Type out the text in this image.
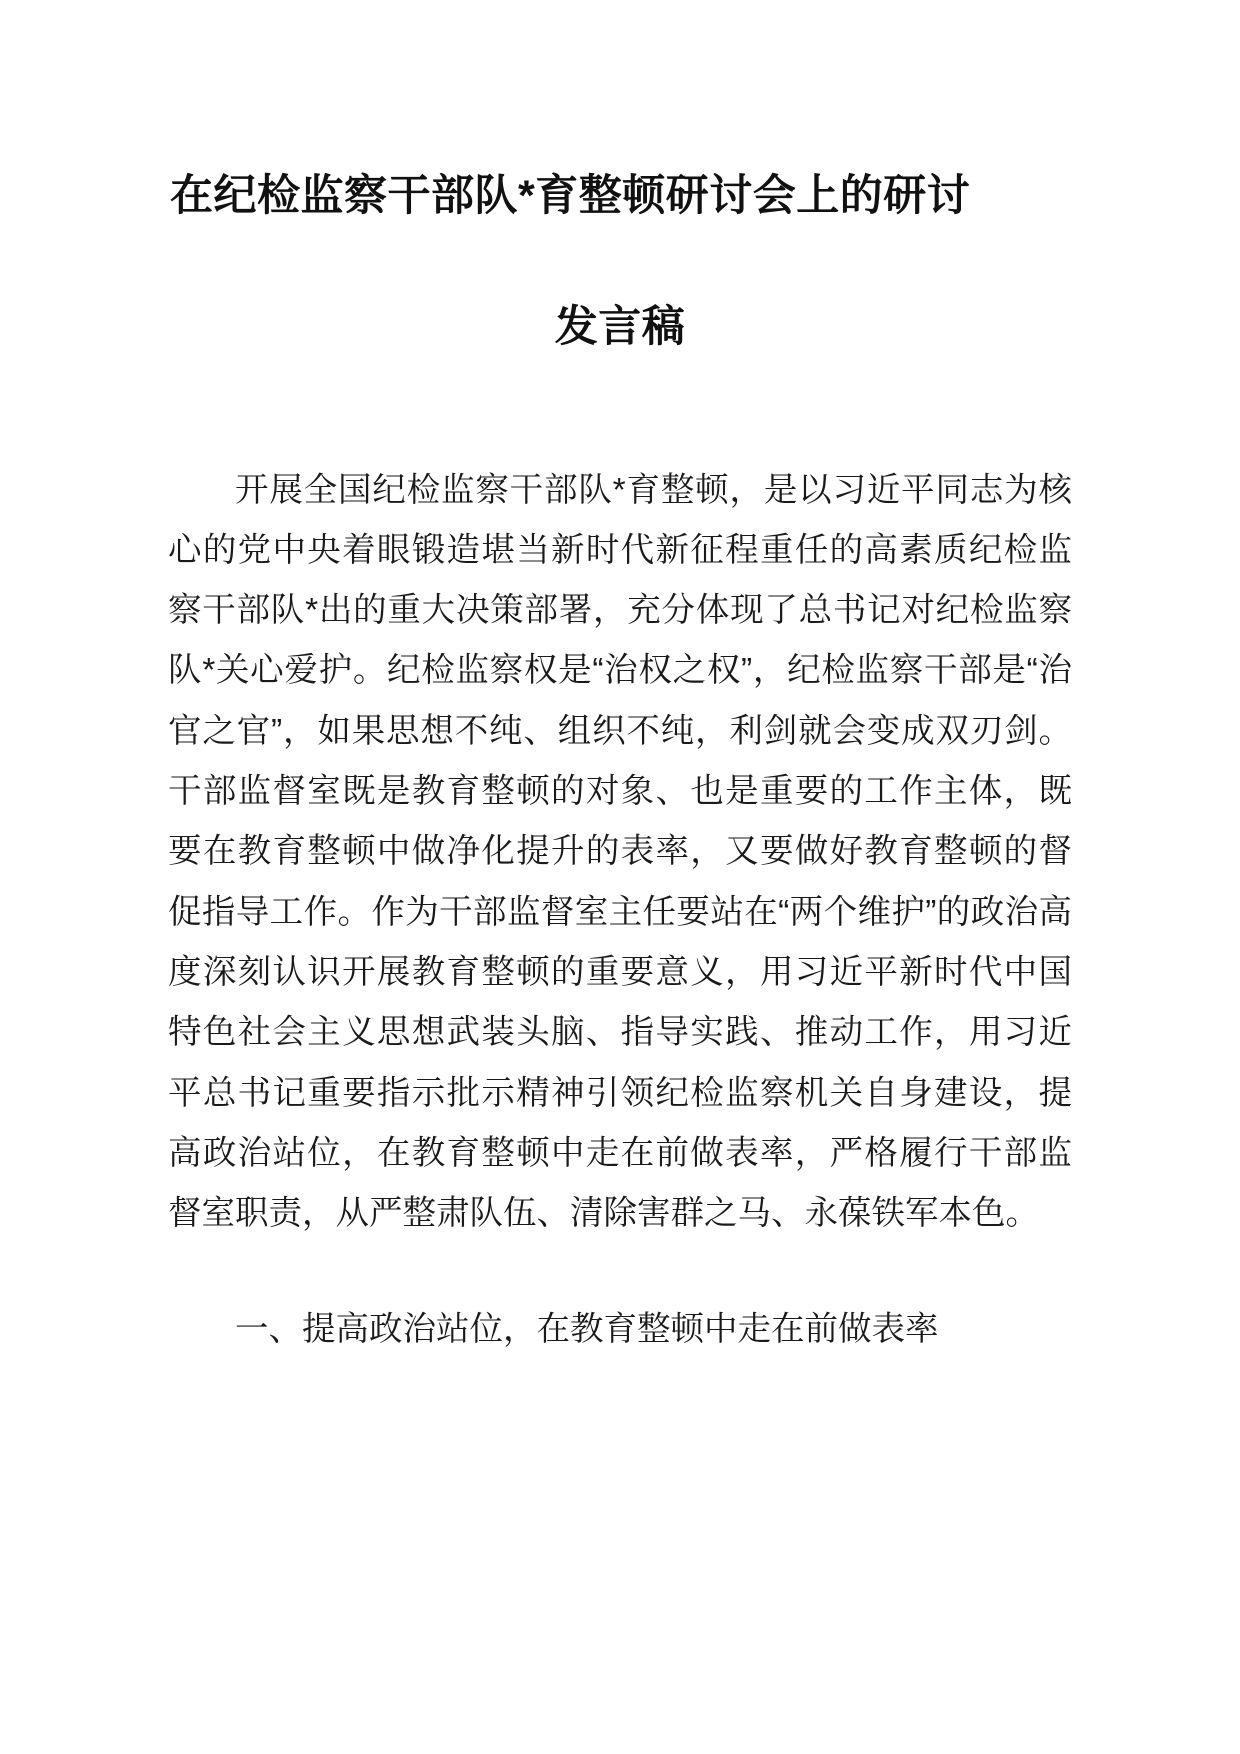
在纪检监察干部队*育整顿研讨会上的研讨
发言稿

开展全国纪检监察干部队*育整顿，是以习近平同志为核心的党中央着眼锻造堪当新时代新征程重任的高素质纪检监察干部队*出的重大决策部署，充分体现了总书记对纪检监察队*关心爱护。纪检监察权是“治权之权”，纪检监察干部是“治官之官”，如果思想不纯、组织不纯，利剑就会变成双刃剑。干部监督室既是教育整顿的对象、也是重要的工作主体，既要在教育整顿中做净化提升的表率，又要做好教育整顿的督促指导工作。作为干部监督室主任要站在“两个维护”的政治高度深刻认识开展教育整顿的重要意义，用习近平新时代中国特色社会主义思想武装头脑、指导实践、推动工作，用习近平总书记重要指示批示精神引领纪检监察机关自身建设，提高政治站位，在教育整顿中走在前做表率，严格履行干部监督室职责，从严整肃队伍、清除害群之马、永葆铁军本色。

一、提高政治站位，在教育整顿中走在前做表率
